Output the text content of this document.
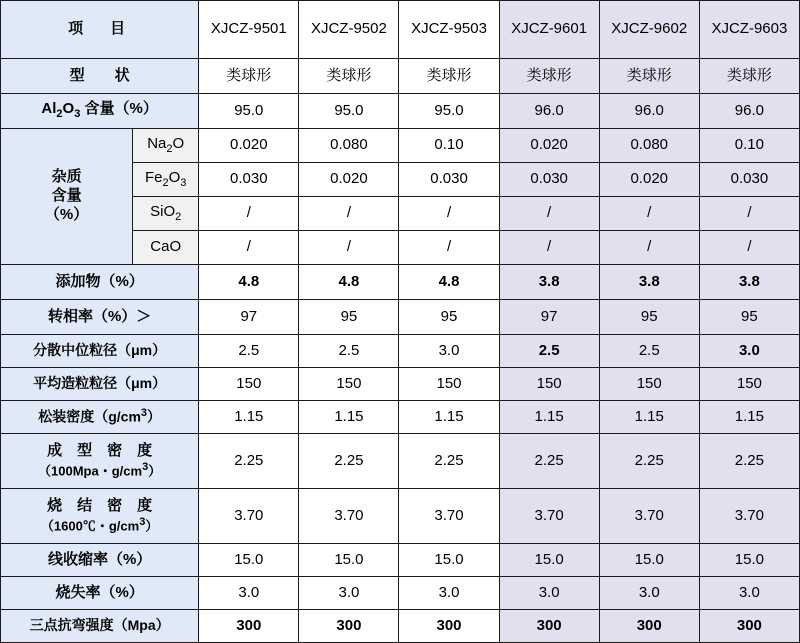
项　目		XJCZ-9501	XJCZ-9502	XJCZ-9503	XJCZ-9601	XJCZ-9602	XJCZ-9603
型　　状		类球形	类球形	类球形	类球形	类球形	类球形
$Al_2O_3$ 含量（%）		95.0	95.0	95.0	96.0	96.0	96.0

杂质
含量
（%）	$Na_2O$	0.020	0.080	0.10	0.020	0.080	0.10
	$Fe_2O_3$	0.030	0.020	0.030	0.030	0.020	0.030
	SiO$_2$	/	/	/	/	/	/
	CaO	/	/	/	/	/	/
添加物（%）		4.8	4.8	4.8	3.8	3.8	3.8
转相率（%）＞		97	95	95	97	95	95
分散中位粒径（μm）		2.5	2.5	3.0	2.5	2.5	3.0
平均造粒粒径（μm）		150	150	150	150	150	150
松装密度$(g/cm^3)$		1.15	1.15	1.15	1.15	1.15	1.15

成　型　密　度
（100Mpa・$g/cm^3$）		2.25	2.25	2.25	2.25	2.25	2.25

烧　结　密　度
（1600℃・$g/cm^3$）		3.70	3.70	3.70	3.70	3.70	3.70
线收缩率（%）		15.0	15.0	15.0	15.0	15.0	15.0
烧失率（%）		3.0	3.0	3.0	3.0	3.0	3.0
三点抗弯强度（Mpa）		300	300	300	300	300	300
